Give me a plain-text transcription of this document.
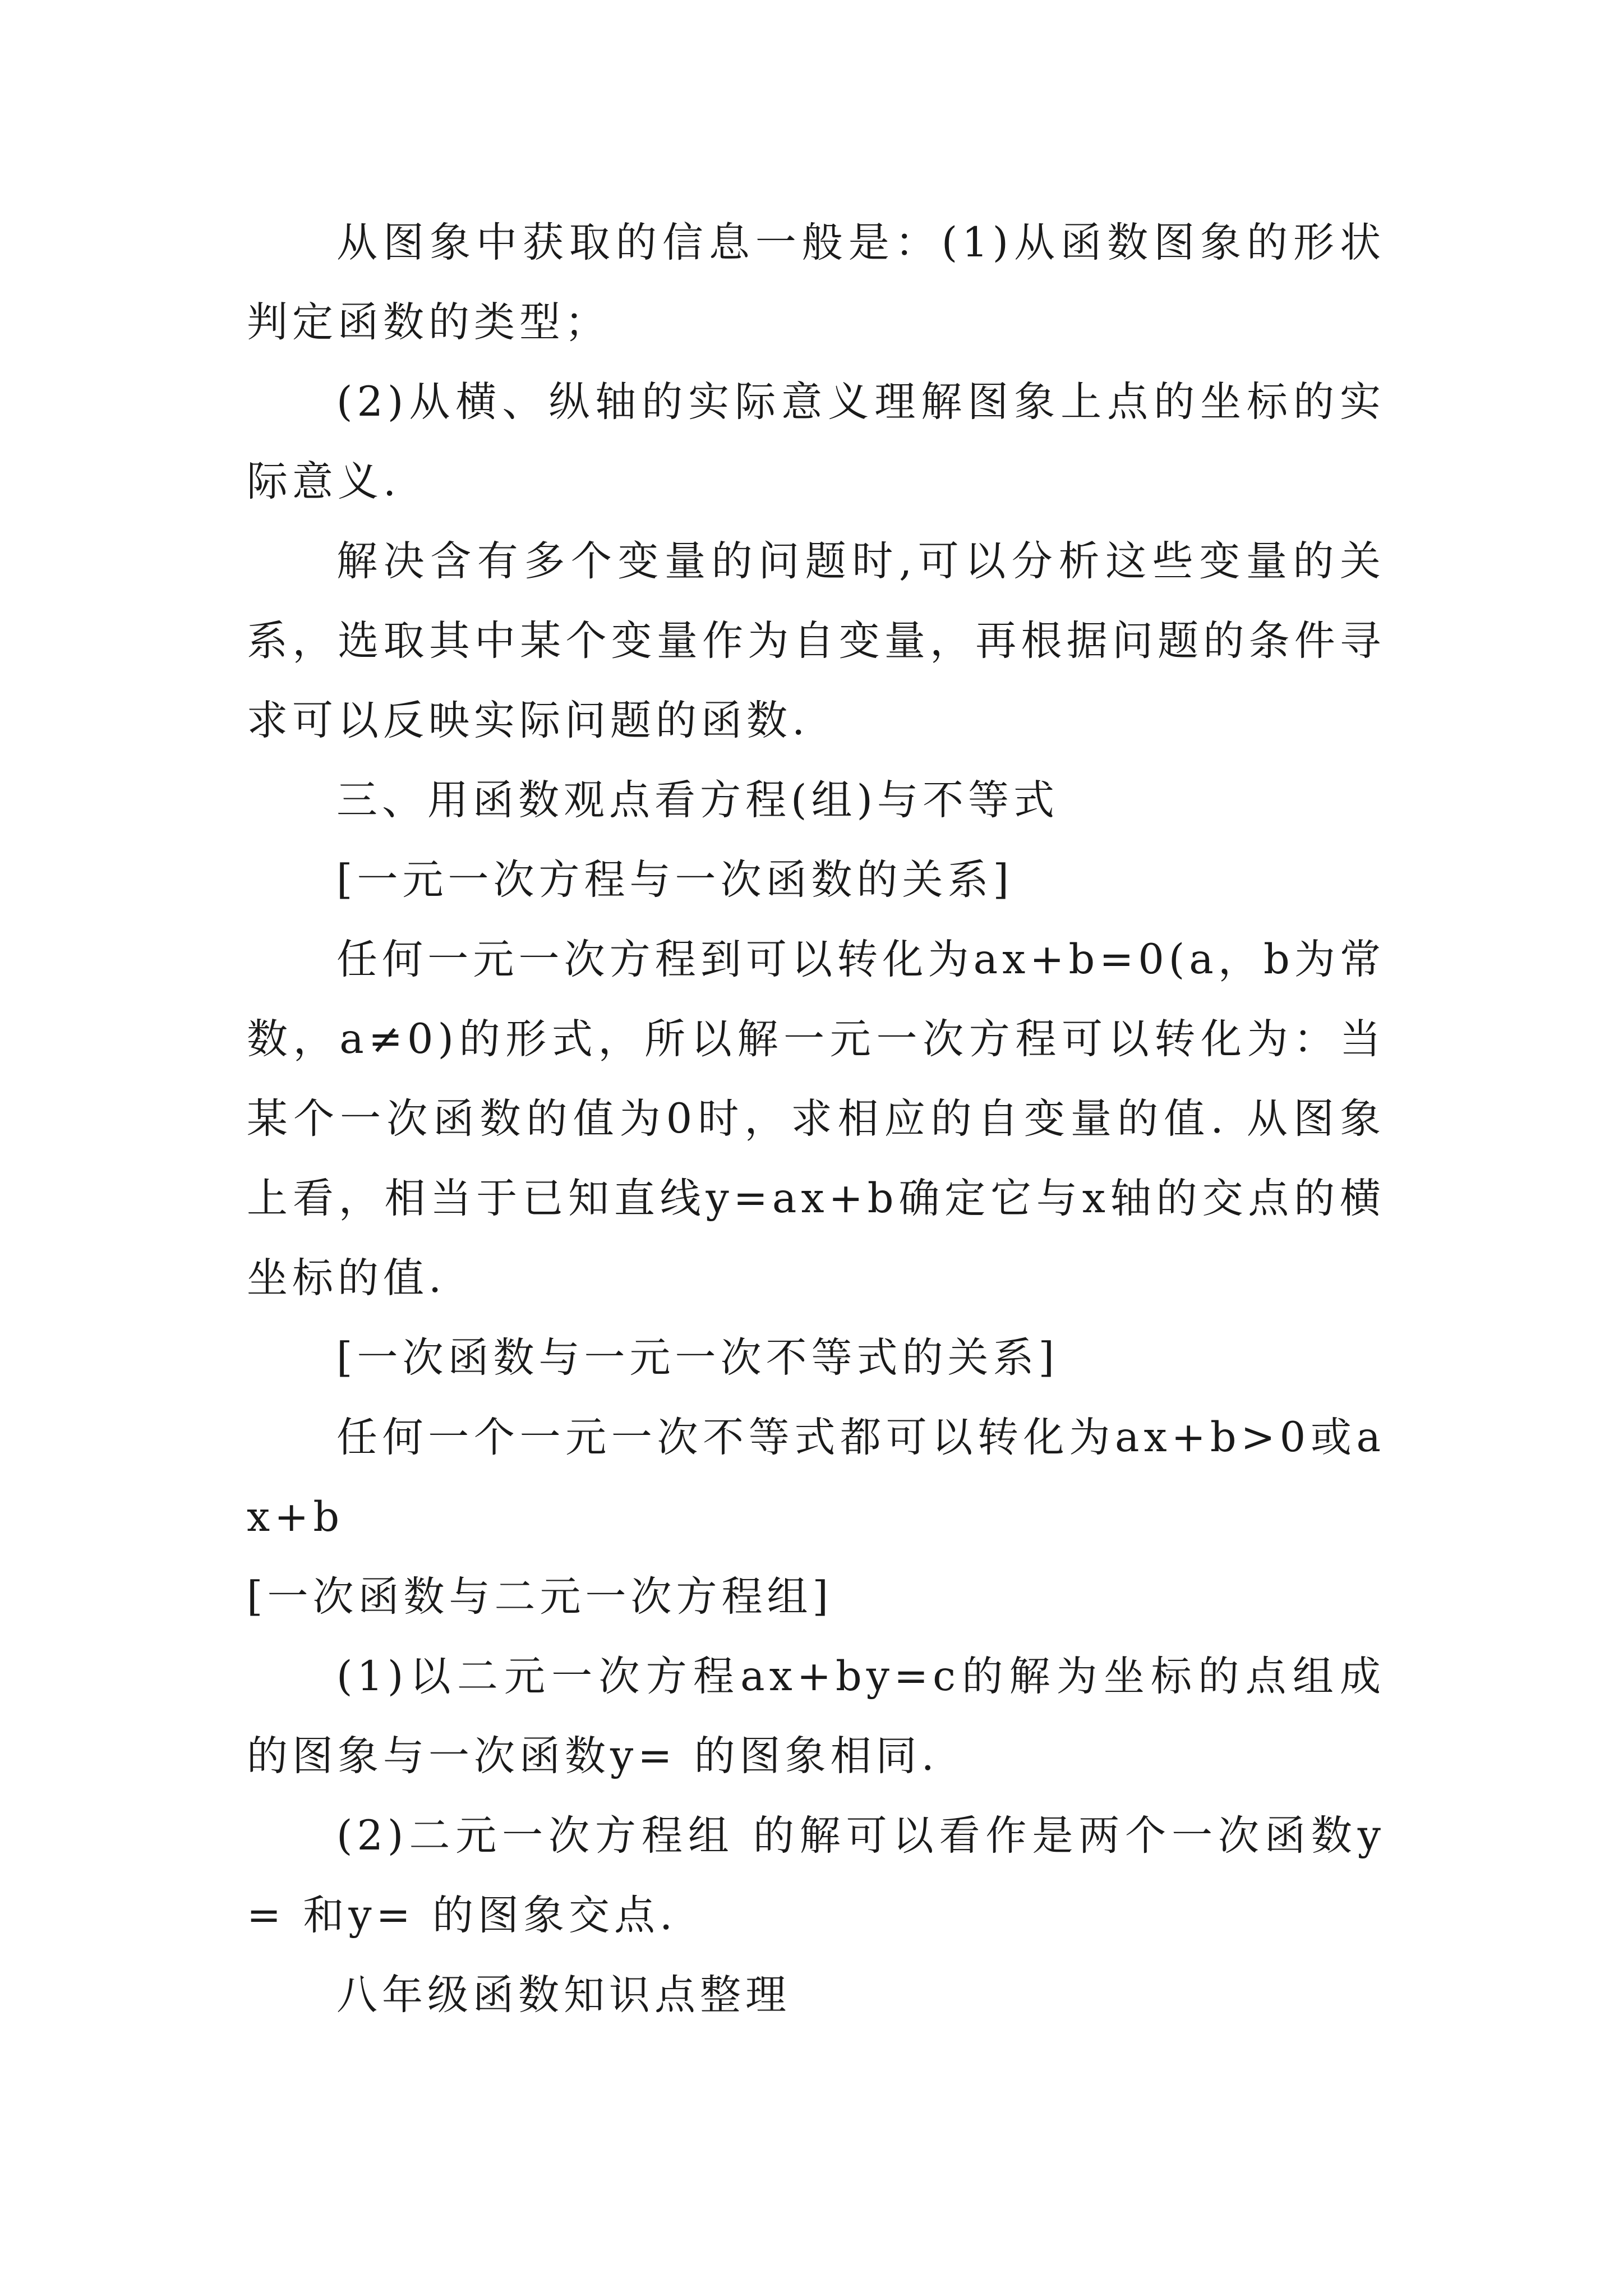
从图象中获取的信息一般是：(1)从函数图象的形状判定函数的类型；

(2)从横、纵轴的实际意义理解图象上点的坐标的实际意义.

解决含有多个变量的问题时,可以分析这些变量的关系，选取其中某个变量作为自变量，再根据问题的条件寻求可以反映实际问题的函数.

三、用函数观点看方程(组)与不等式

[一元一次方程与一次函数的关系]

任何一元一次方程到可以转化为ax+b=0(a，b为常数，a≠0)的形式，所以解一元一次方程可以转化为：当某个一次函数的值为0时，求相应的自变量的值. 从图象上看，相当于已知直线y=ax+b确定它与x轴的交点的横坐标的值.

[一次函数与一元一次不等式的关系]

任何一个一元一次不等式都可以转化为ax+b>0或ax+b

[一次函数与二元一次方程组]

(1)以二元一次方程ax+by=c的解为坐标的点组成的图象与一次函数y= 的图象相同.

(2)二元一次方程组 的解可以看作是两个一次函数y= 和y= 的图象交点.

八年级函数知识点整理
